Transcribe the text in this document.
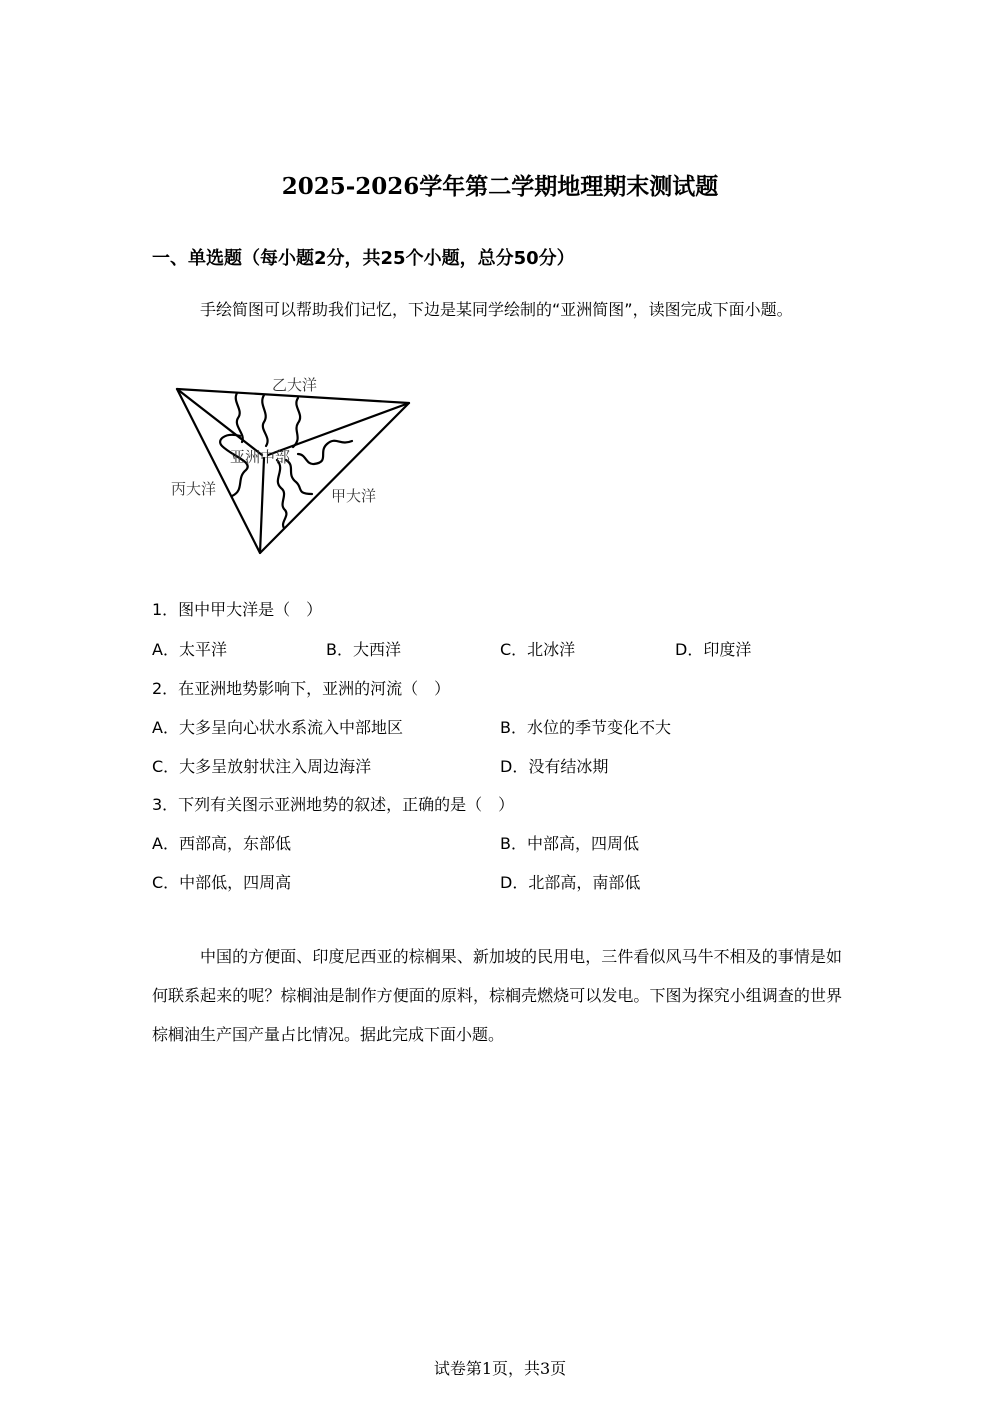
2025-2026学年第二学期地理期末测试题
一、单选题（每小题2分，共25个小题，总分50分）

手绘简图可以帮助我们记忆，下边是某同学绘制的“亚洲简图”，读图完成下面小题。

乙大洋
亚洲中部
丙大洋	甲大洋
1．图中甲大洋是（　）
A．太平洋	B．大西洋	C．北冰洋	D．印度洋
2．在亚洲地势影响下，亚洲的河流（　）
A．大多呈向心状水系流入中部地区	B．水位的季节变化不大
C．大多呈放射状注入周边海洋	D．没有结冰期
3．下列有关图示亚洲地势的叙述，正确的是（　）
A．西部高，东部低	B．中部高，四周低
C．中部低，四周高	D．北部高，南部低

中国的方便面、印度尼西亚的棕榈果、新加坡的民用电，三件看似风马牛不相及的事情是如何联系起来的呢？棕榈油是制作方便面的原料，棕榈壳燃烧可以发电。下图为探究小组调查的世界棕榈油生产国产量占比情况。据此完成下面小题。

试卷第1页，共3页
